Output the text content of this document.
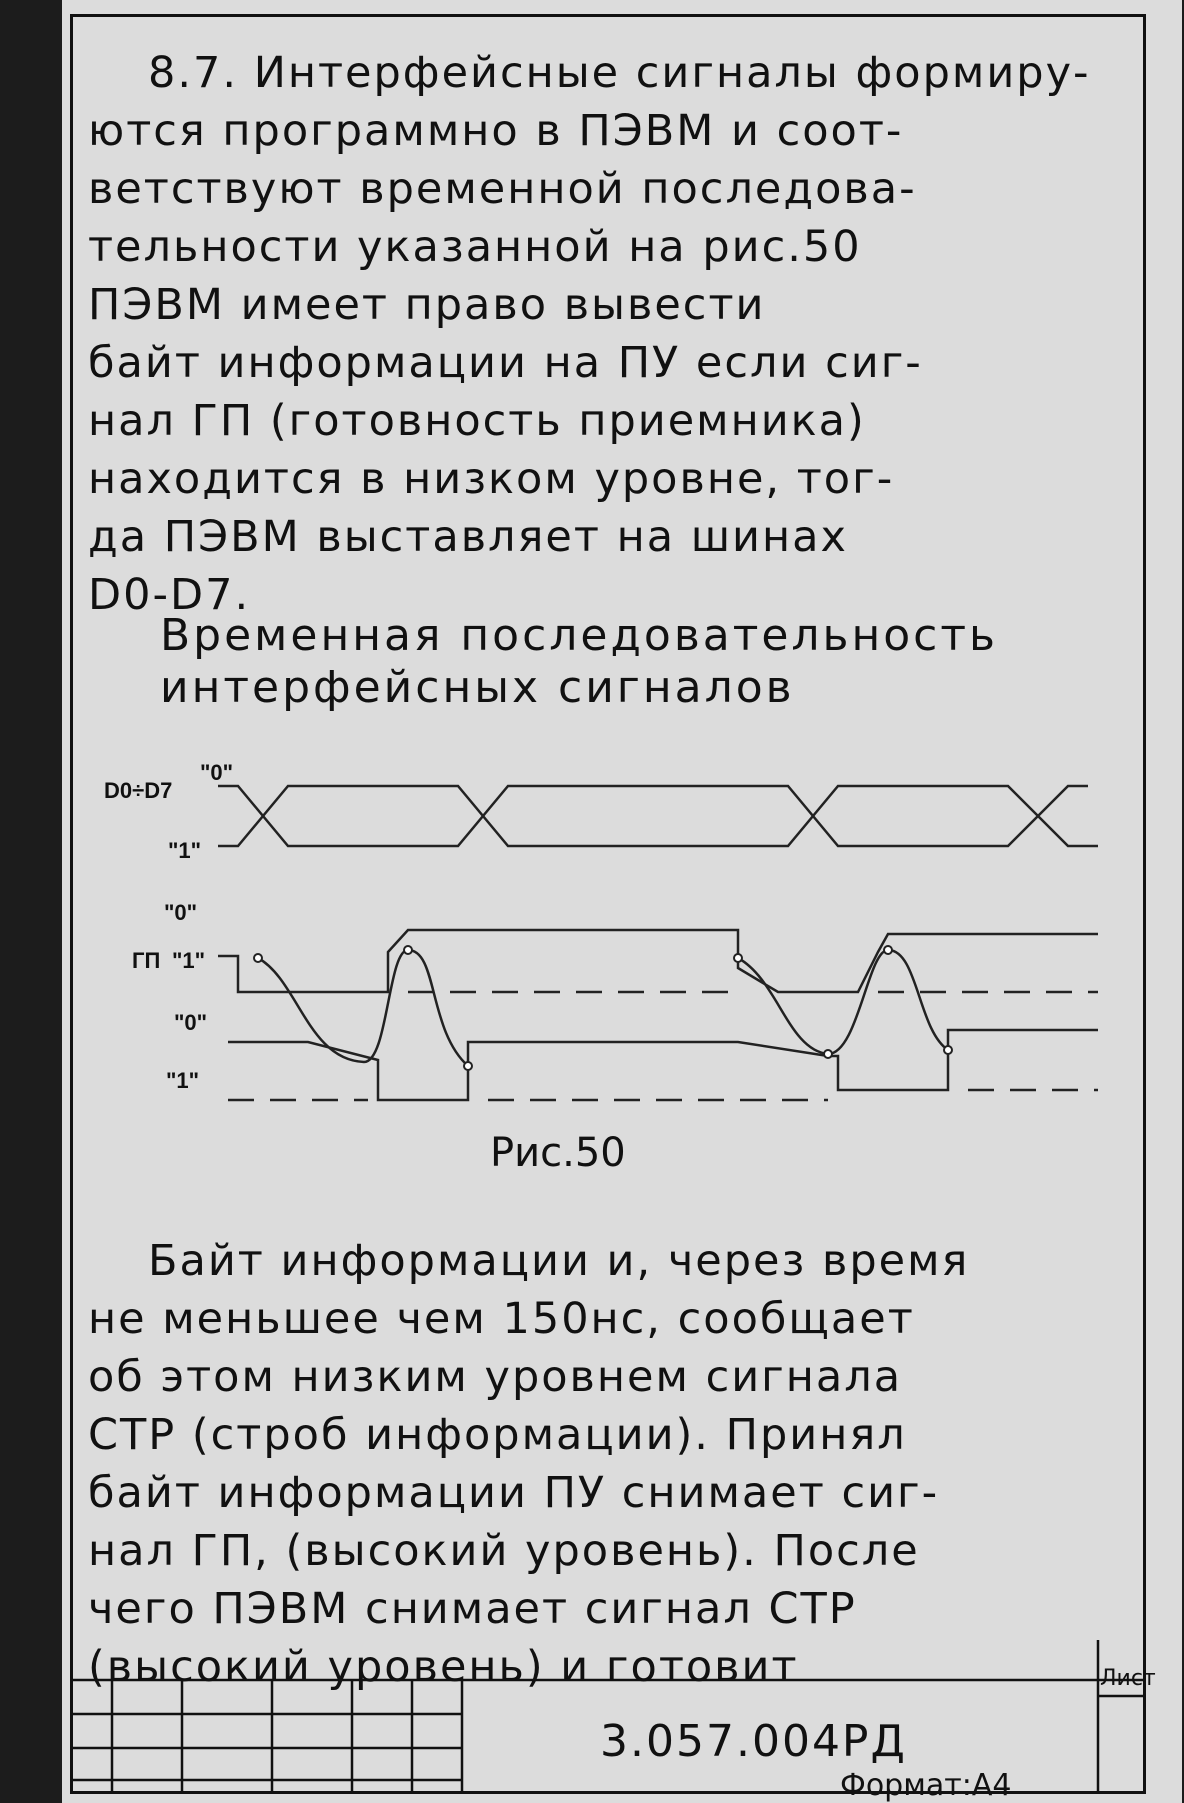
8.7. Интерфейсные сигналы формиру-
ются программно в ПЭВМ и соот-
ветствуют временной последова-
тельности указанной на рис.50
ПЭВМ имеет право вывести
байт информации на ПУ если сиг-
нал ГП (готовность приемника)
находится в низком уровне, тог-
да ПЭВМ выставляет на шинах
D0-D7.
Временная последовательность
интерфейсных сигналов
D0÷D7
"0"
"1"
"0"
ГП "1"
"0"
"1"
Рис.50
Байт информации и, через время
не меньшее чем 150нс, сообщает
об этом низким уровнем сигнала
СТР (строб информации). Принял
байт информации ПУ снимает сиг-
нал ГП, (высокий уровень). После
чего ПЭВМ снимает сигнал СТР
(высокий уровень) и готовит	Лист
3.057.004РД
Формат:А4
